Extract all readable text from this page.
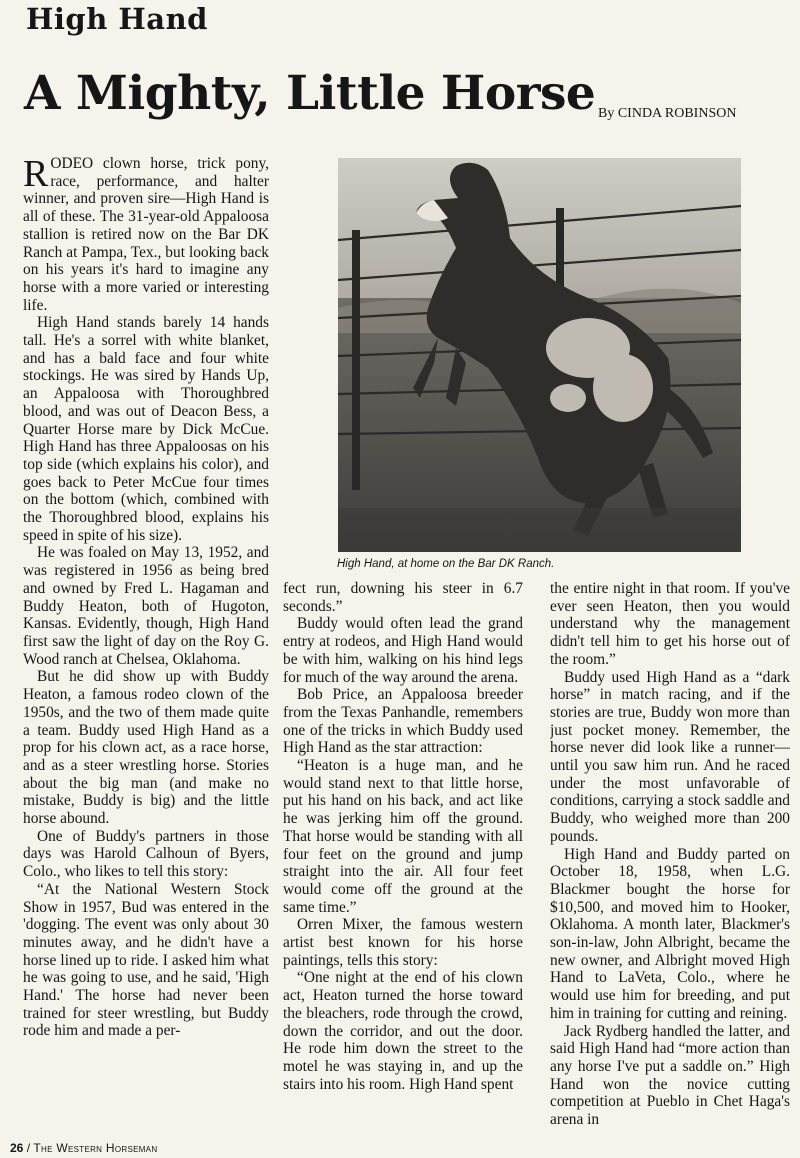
High Hand
A Mighty, Little Horse By CINDA ROBINSON

RODEO clown horse, trick pony, race, performance, and halter winner, and proven sire—High Hand is all of these. The 31-year-old Appaloosa stallion is retired now on the Bar DK Ranch at Pampa, Tex., but looking back on his years it's hard to imagine any horse with a more varied or interesting life.

High Hand stands barely 14 hands tall. He's a sorrel with white blanket, and has a bald face and four white stockings. He was sired by Hands Up, an Appaloosa with Thoroughbred blood, and was out of Deacon Bess, a Quarter Horse mare by Dick McCue. High Hand has three Appaloosas on his top side (which explains his color), and goes back to Peter McCue four times on the bottom (which, combined with the Thoroughbred blood, explains his speed in spite of his size).

He was foaled on May 13, 1952, and was registered in 1956 as being bred and owned by Fred L. Hagaman and Buddy Heaton, both of Hugoton, Kansas. Evidently, though, High Hand first saw the light of day on the Roy G. Wood ranch at Chelsea, Oklahoma.

But he did show up with Buddy Heaton, a famous rodeo clown of the 1950s, and the two of them made quite a team. Buddy used High Hand as a prop for his clown act, as a race horse, and as a steer wrestling horse. Stories about the big man (and make no mistake, Buddy is big) and the little horse abound.

One of Buddy's partners in those days was Harold Calhoun of Byers, Colo., who likes to tell this story:

“At the National Western Stock Show in 1957, Bud was entered in the 'dogging. The event was only about 30 minutes away, and he didn't have a horse lined up to ride. I asked him what he was going to use, and he said, 'High Hand.' The horse had never been trained for steer wrestling, but Buddy rode him and made a per-

High Hand, at home on the Bar DK Ranch.

fect run, downing his steer in 6.7 seconds.”

Buddy would often lead the grand entry at rodeos, and High Hand would be with him, walking on his hind legs for much of the way around the arena.

Bob Price, an Appaloosa breeder from the Texas Panhandle, remembers one of the tricks in which Buddy used High Hand as the star attraction:

“Heaton is a huge man, and he would stand next to that little horse, put his hand on his back, and act like he was jerking him off the ground. That horse would be standing with all four feet on the ground and jump straight into the air. All four feet would come off the ground at the same time.”

Orren Mixer, the famous western artist best known for his horse paintings, tells this story:

“One night at the end of his clown act, Heaton turned the horse toward the bleachers, rode through the crowd, down the corridor, and out the door. He rode him down the street to the motel he was staying in, and up the stairs into his room. High Hand spent

the entire night in that room. If you've ever seen Heaton, then you would understand why the management didn't tell him to get his horse out of the room.”

Buddy used High Hand as a “dark horse” in match racing, and if the stories are true, Buddy won more than just pocket money. Remember, the horse never did look like a runner—until you saw him run. And he raced under the most unfavorable of conditions, carrying a stock saddle and Buddy, who weighed more than 200 pounds.

High Hand and Buddy parted on October 18, 1958, when L.G. Blackmer bought the horse for $10,500, and moved him to Hooker, Oklahoma. A month later, Blackmer's son-in-law, John Albright, became the new owner, and Albright moved High Hand to LaVeta, Colo., where he would use him for breeding, and put him in training for cutting and reining.

Jack Rydberg handled the latter, and said High Hand had “more action than any horse I've put a saddle on.” High Hand won the novice cutting competition at Pueblo in Chet Haga's arena in

26 / The Western Horseman
